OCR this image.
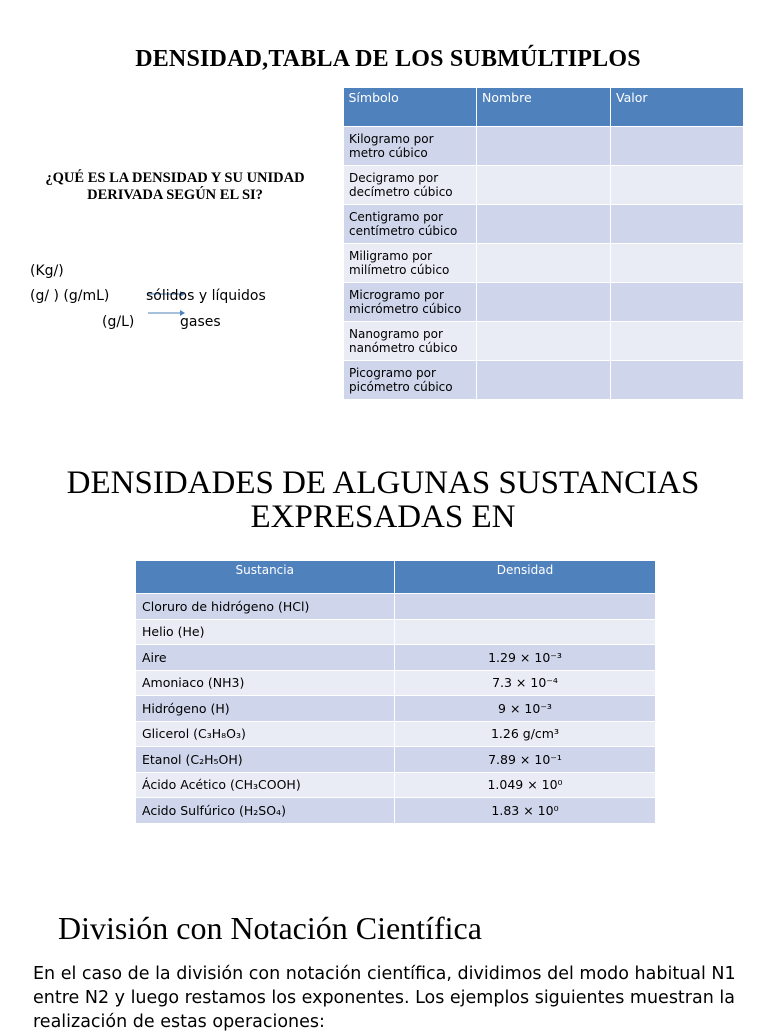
DENSIDAD,TABLA DE LOS SUBMÚLTIPLOS
¿QUÉ ES LA DENSIDAD Y SU UNIDAD DERIVADA SEGÚN EL SI?
(Kg/)
(g/ ) (g/mL)
(g/L)
sólidos y líquidos
gases
Símbolo	Nombre	Valor
Kilogramo por metro cúbico		
Decigramo por decímetro cúbico		
Centigramo por centímetro cúbico		
Miligramo por milímetro cúbico		
Microgramo por micrómetro cúbico		
Nanogramo por nanómetro cúbico		
Picogramo por picómetro cúbico		
DENSIDADES DE ALGUNAS SUSTANCIAS EXPRESADAS EN
Sustancia	Densidad
Cloruro de hidrógeno (HCl)	
Helio (He)	
Aire	1.29 × 10⁻³
Amoniaco (NH3)	7.3 × 10⁻⁴
Hidrógeno (H)	9 × 10⁻³
Glicerol (C₃H₈O₃)	1.26 g/cm³
Etanol (C₂H₅OH)	7.89 × 10⁻¹
Ácido Acético (CH₃COOH)	1.049 × 10⁰
Acido Sulfúrico (H₂SO₄)	1.83 × 10⁰
División con Notación Científica
En el caso de la división con notación científica, dividimos del modo habitual N1 entre N2 y luego restamos los exponentes. Los ejemplos siguientes muestran la realización de estas operaciones:
